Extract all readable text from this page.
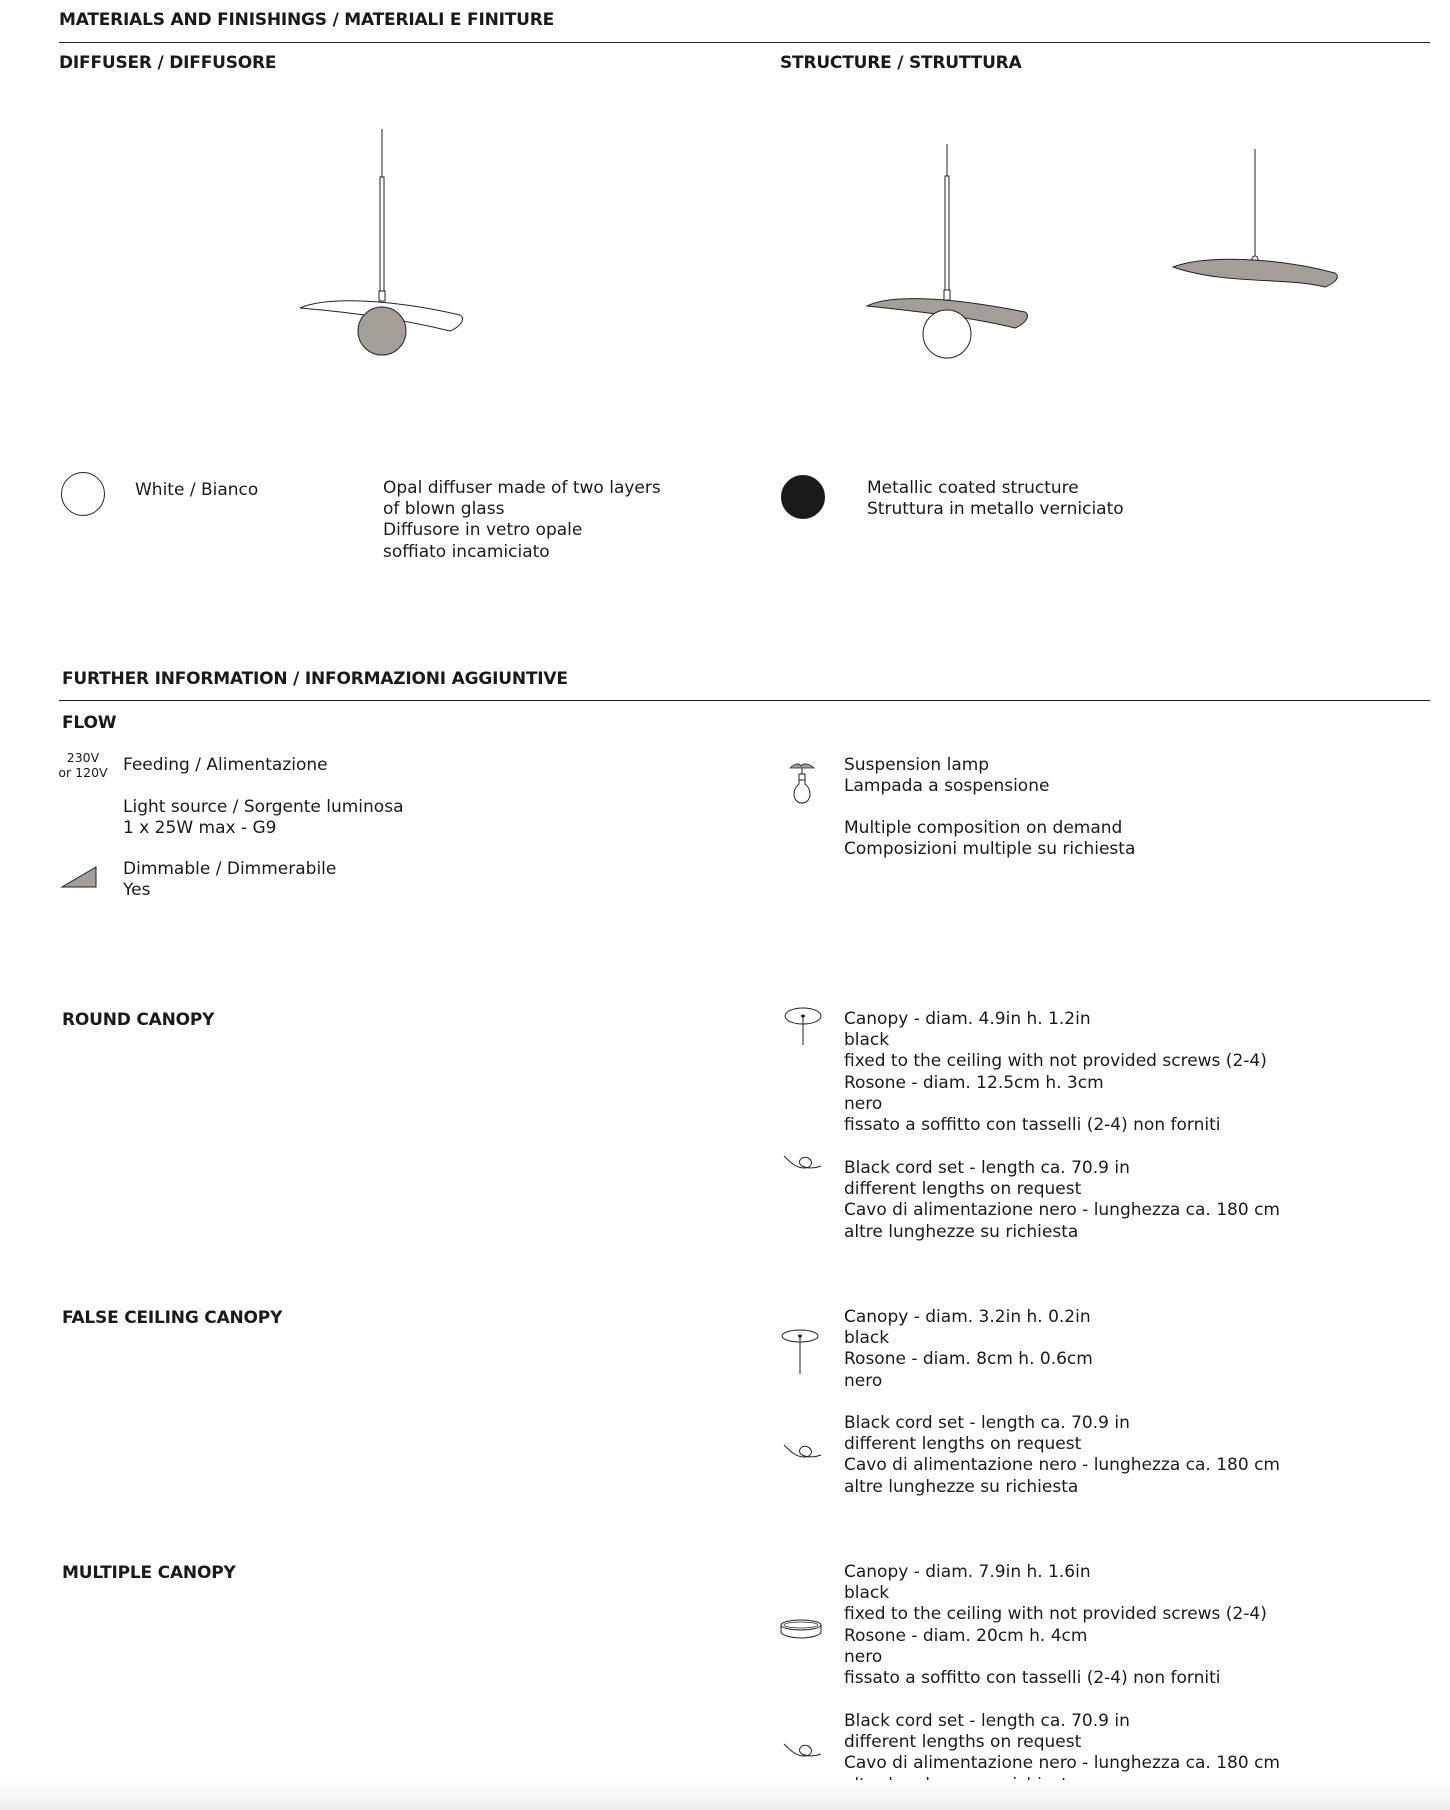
MATERIALS AND FINISHINGS / MATERIALI E FINITURE
DIFFUSER / DIFFUSORE	STRUCTURE / STRUTTURA
White / Bianco	Opal diffuser made of two layers
of blown glass
Diffusore in vetro opale
soffiato incamiciato
Metallic coated structure
Struttura in metallo verniciato
FURTHER INFORMATION / INFORMAZIONI AGGIUNTIVE
FLOW
230V
or 120V Feeding / Alimentazione
Light source / Sorgente luminosa
1 x 25W max - G9
Dimmable / Dimmerabile
Yes
Suspension lamp
Lampada a sospensione
Multiple composition on demand
Composizioni multiple su richiesta
ROUND CANOPY	Canopy - diam. 4.9in h. 1.2in
black
fixed to the ceiling with not provided screws (2-4)
Rosone - diam. 12.5cm h. 3cm
nero
fissato a soffitto con tasselli (2-4) non forniti
Black cord set - length ca. 70.9 in
different lengths on request
Cavo di alimentazione nero - lunghezza ca. 180 cm
altre lunghezze su richiesta
FALSE CEILING CANOPY	Canopy - diam. 3.2in h. 0.2in
black
Rosone - diam. 8cm h. 0.6cm
nero
Black cord set - length ca. 70.9 in
different lengths on request
Cavo di alimentazione nero - lunghezza ca. 180 cm
altre lunghezze su richiesta
MULTIPLE CANOPY	Canopy - diam. 7.9in h. 1.6in
black
fixed to the ceiling with not provided screws (2-4)
Rosone - diam. 20cm h. 4cm
nero
fissato a soffitto con tasselli (2-4) non forniti
Black cord set - length ca. 70.9 in
different lengths on request
Cavo di alimentazione nero - lunghezza ca. 180 cm
